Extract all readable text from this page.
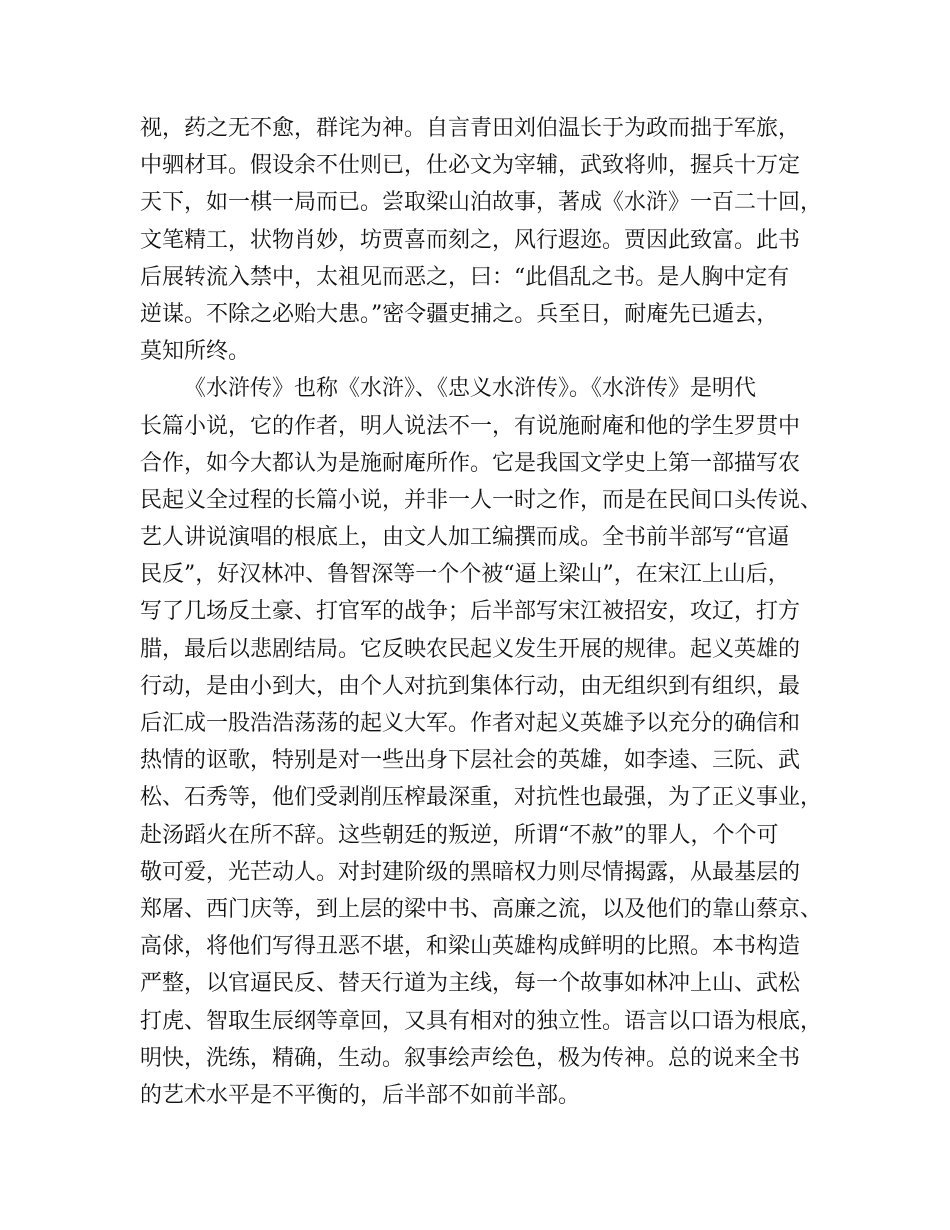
视，药之无不愈，群诧为神。自言青田刘伯温长于为政而拙于军旅，
中驷材耳。假设余不仕则已，仕必文为宰辅，武致将帅，握兵十万定
天下，如一棋一局而已。尝取梁山泊故事，著成《水浒》一百二十回，
文笔精工，状物肖妙，坊贾喜而刻之，风行遐迩。贾因此致富。此书
后展转流入禁中，太祖见而恶之，曰：“此倡乱之书。是人胸中定有
逆谋。不除之必贻大患。”密令疆吏捕之。兵至日，耐庵先已遁去，
莫知所终。
《水浒传》也称《水浒》、《忠义水浒传》。《水浒传》是明代
长篇小说，它的作者，明人说法不一，有说施耐庵和他的学生罗贯中
合作，如今大都认为是施耐庵所作。它是我国文学史上第一部描写农
民起义全过程的长篇小说，并非一人一时之作，而是在民间口头传说、
艺人讲说演唱的根底上，由文人加工编撰而成。全书前半部写“官逼
民反”，好汉林冲、鲁智深等一个个被“逼上梁山”，在宋江上山后，
写了几场反土豪、打官军的战争；后半部写宋江被招安，攻辽，打方
腊，最后以悲剧结局。它反映农民起义发生开展的规律。起义英雄的
行动，是由小到大，由个人对抗到集体行动，由无组织到有组织，最
后汇成一股浩浩荡荡的起义大军。作者对起义英雄予以充分的确信和
热情的讴歌，特别是对一些出身下层社会的英雄，如李逵、三阮、武
松、石秀等，他们受剥削压榨最深重，对抗性也最强，为了正义事业，
赴汤蹈火在所不辞。这些朝廷的叛逆，所谓“不赦”的罪人，个个可
敬可爱，光芒动人。对封建阶级的黑暗权力则尽情揭露，从最基层的
郑屠、西门庆等，到上层的梁中书、高廉之流，以及他们的靠山蔡京、
高俅，将他们写得丑恶不堪，和梁山英雄构成鲜明的比照。本书构造
严整，以官逼民反、替天行道为主线，每一个故事如林冲上山、武松
打虎、智取生辰纲等章回，又具有相对的独立性。语言以口语为根底，
明快，洗练，精确，生动。叙事绘声绘色，极为传神。总的说来全书
的艺术水平是不平衡的，后半部不如前半部。
